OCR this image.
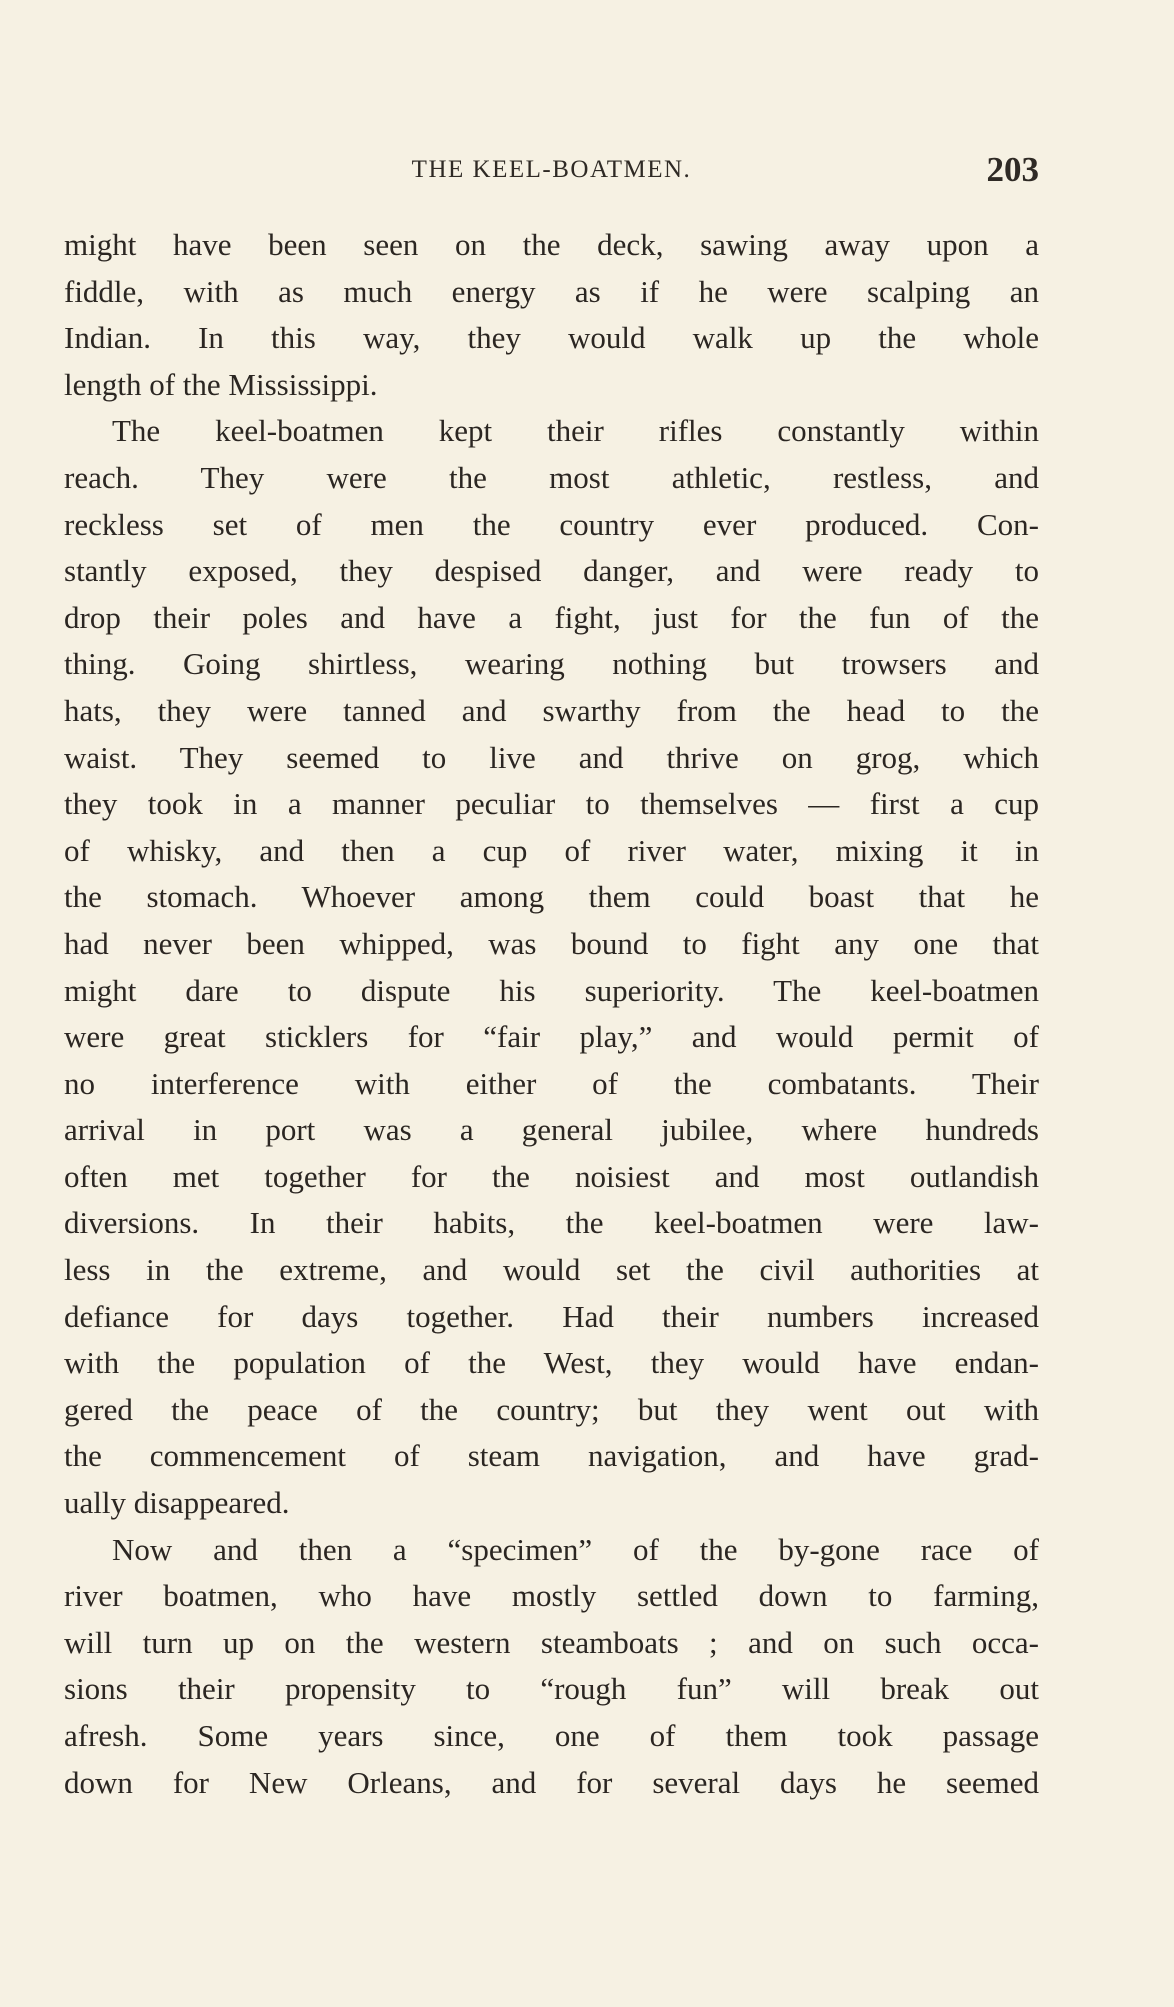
THE KEEL-BOATMEN.	203
might have been seen on the deck, sawing away upon a
fiddle, with as much energy as if he were scalping an
Indian. In this way, they would walk up the whole
length of the Mississippi.
The keel-boatmen kept their rifles constantly within
reach. They were the most athletic, restless, and
reckless set of men the country ever produced. Con-
stantly exposed, they despised danger, and were ready to
drop their poles and have a fight, just for the fun of the
thing. Going shirtless, wearing nothing but trowsers and
hats, they were tanned and swarthy from the head to the
waist. They seemed to live and thrive on grog, which
they took in a manner peculiar to themselves — first a cup
of whisky, and then a cup of river water, mixing it in
the stomach. Whoever among them could boast that he
had never been whipped, was bound to fight any one that
might dare to dispute his superiority. The keel-boatmen
were great sticklers for “fair play,” and would permit of
no interference with either of the combatants. Their
arrival in port was a general jubilee, where hundreds
often met together for the noisiest and most outlandish
diversions. In their habits, the keel-boatmen were law-
less in the extreme, and would set the civil authorities at
defiance for days together. Had their numbers increased
with the population of the West, they would have endan-
gered the peace of the country; but they went out with
the commencement of steam navigation, and have grad-
ually disappeared.
Now and then a “specimen” of the by-gone race of
river boatmen, who have mostly settled down to farming,
will turn up on the western steamboats ; and on such occa-
sions their propensity to “rough fun” will break out
afresh. Some years since, one of them took passage
down for New Orleans, and for several days he seemed
